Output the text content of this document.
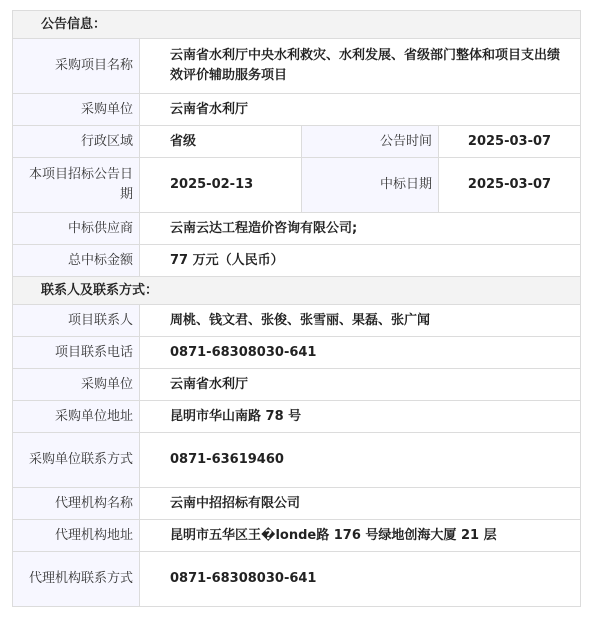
公告信息：			
采购项目名称	云南省水利厅中央水利救灾、水利发展、省级部门整体和项目支出绩效评价辅助服务项目		
采购单位	云南省水利厅		
行政区域	省级	公告时间	2025-03-07
本项目招标公告日期	2025-02-13	中标日期	2025-03-07
中标供应商	云南云达工程造价咨询有限公司;		
总中标金额	77 万元（人民币）		
联系人及联系方式：			
项目联系人	周桃、钱文君、张俊、张雪丽、果磊、张广闻		
项目联系电话	0871-68308030-641		
采购单位	云南省水利厅		
采购单位地址	昆明市华山南路 78 号		
采购单位联系方式	0871-63619460		
代理机构名称	云南中招招标有限公司		
代理机构地址	昆明市五华区王�londe路 176 号绿地创海大厦 21 层		
代理机构联系方式	0871-68308030-641		
